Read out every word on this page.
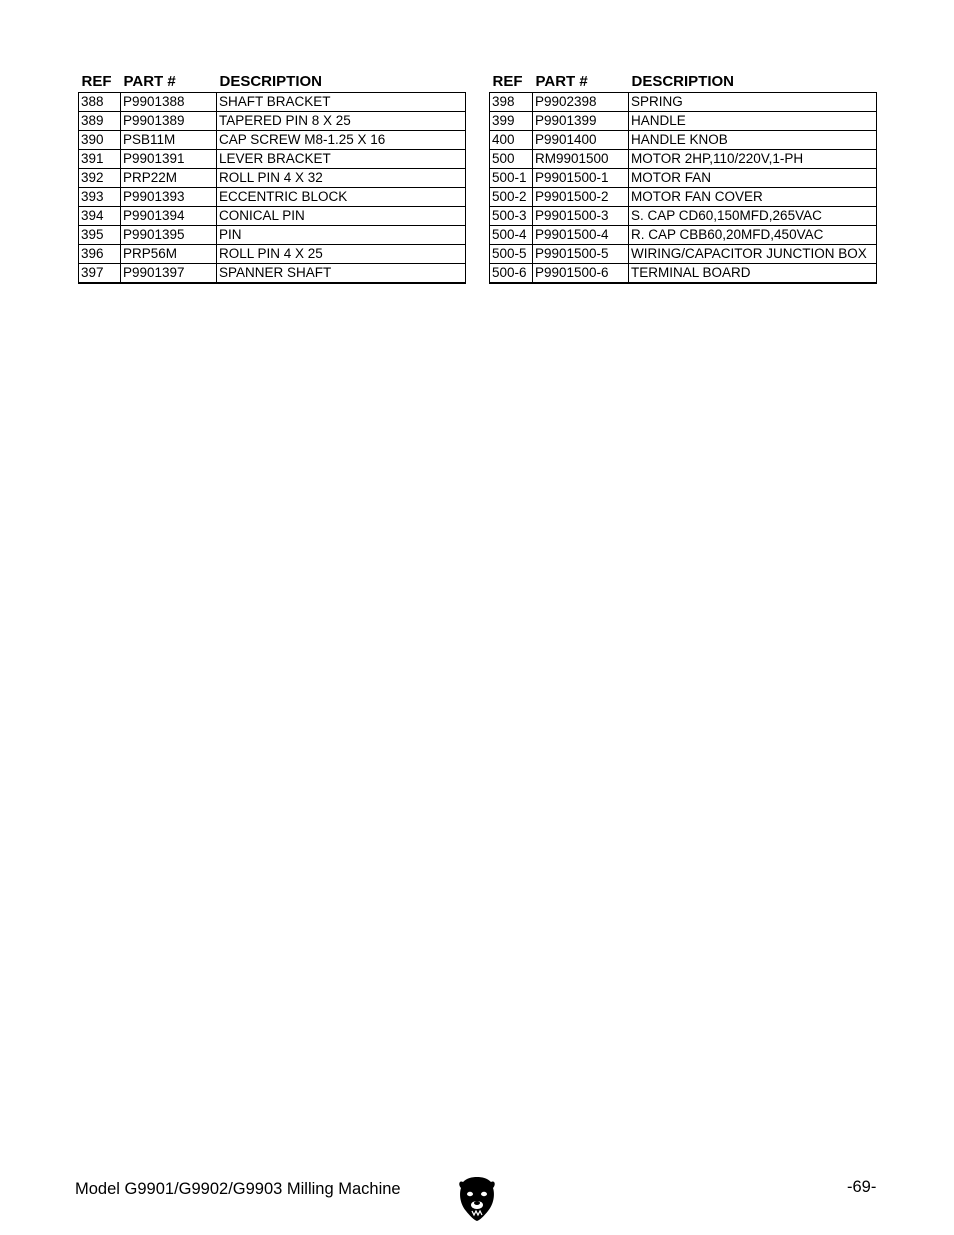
REF	PART #	DESCRIPTION
388	P9901388	SHAFT BRACKET
389	P9901389	TAPERED PIN 8 X 25
390	PSB11M	CAP SCREW M8-1.25 X 16
391	P9901391	LEVER BRACKET
392	PRP22M	ROLL PIN 4 X 32
393	P9901393	ECCENTRIC BLOCK
394	P9901394	CONICAL PIN
395	P9901395	PIN
396	PRP56M	ROLL PIN 4 X 25
397	P9901397	SPANNER SHAFT
REF	PART #	DESCRIPTION
398	P9902398	SPRING
399	P9901399	HANDLE
400	P9901400	HANDLE KNOB
500	RM9901500	MOTOR 2HP,110/220V,1-PH
500-1	P9901500-1	MOTOR FAN
500-2	P9901500-2	MOTOR FAN COVER
500-3	P9901500-3	S. CAP CD60,150MFD,265VAC
500-4	P9901500-4	R. CAP CBB60,20MFD,450VAC
500-5	P9901500-5	WIRING/CAPACITOR JUNCTION BOX
500-6	P9901500-6	TERMINAL BOARD
Model G9901/G9902/G9903 Milling Machine	-69-
